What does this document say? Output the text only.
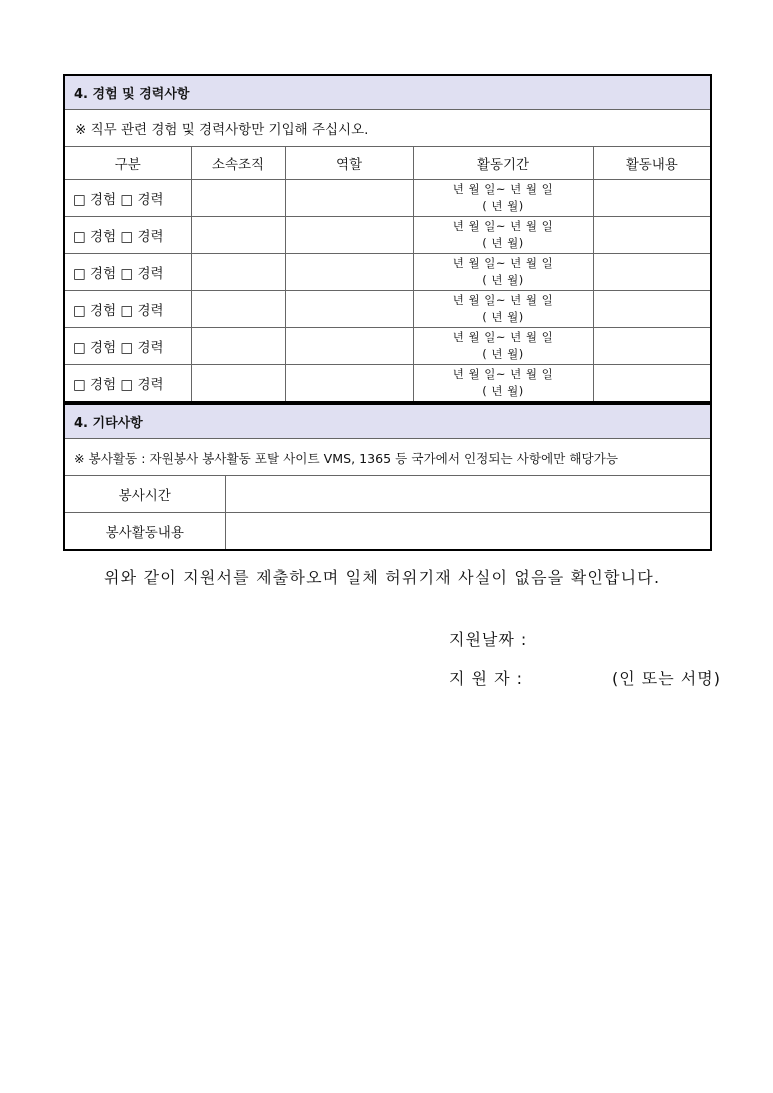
4. 경험 및 경력사항				
※ 직무 관련 경험 및 경력사항만 기입해 주십시오.				
구분	소속조직	역할	활동기간	활동내용
□ 경험 □ 경력			년 월 일~ 년 월 일
( 년 월)	

□ 경험 □ 경력			년 월 일~ 년 월 일
( 년 월)	

□ 경험 □ 경력			년 월 일~ 년 월 일
( 년 월)	

□ 경험 □ 경력			년 월 일~ 년 월 일
( 년 월)	

□ 경험 □ 경력			년 월 일~ 년 월 일
( 년 월)	

□ 경험 □ 경력			년 월 일~ 년 월 일
( 년 월)	

4. 기타사항	
※ 봉사활동 : 자원봉사 봉사활동 포탈 사이트 VMS, 1365 등 국가에서 인정되는 사항에만 해당가능	
봉사시간	
봉사활동내용	
위와 같이 지원서를 제출하오며 일체 허위기재 사실이 없음을 확인합니다.
지원날짜 :
지 원 자 :	(인 또는 서명)
